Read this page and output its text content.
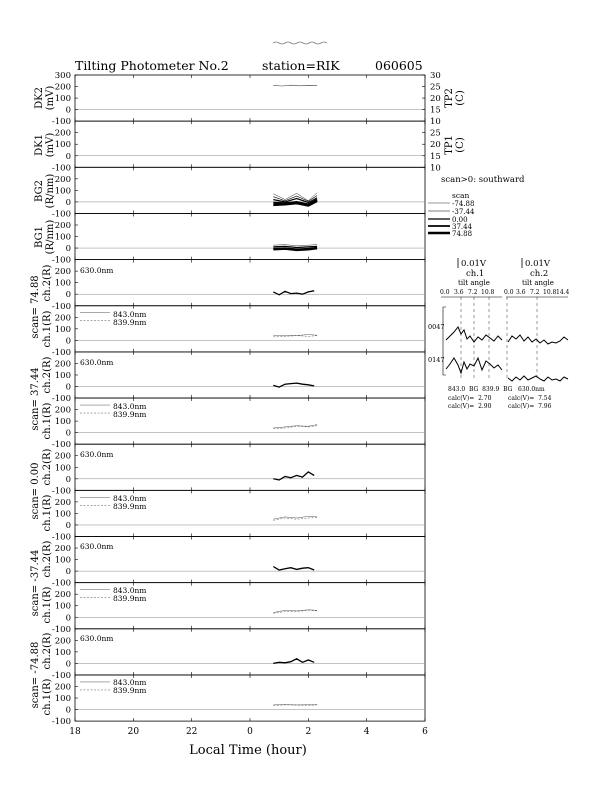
Tilting Photometer No.2	station=RIK	060605
300
200
100
0
-100
30
25
20
15
10
200
100
0
-100
25
20
15
10
200
100
0
-100
200
100
0
-100
200
100
0
-100
200
100
0
-100
200
100
0
-100
200
100
0
-100
200
100
0
-100
200
100
0
-100
200
100
0
-100
200
100
0
-100
200
100
0
-100
200
100
0
-100
18	20	22	0	2	4	6
DK2 (mV)	TP2 (C)
DK1 (mV)	TP1 (C)
BG2 (R/nm)
BG1 (R/nm)
scan= 74.88 ch.2(R)
ch.1(R)
630.0nm
843.0nm
839.9nm
scan= 37.44 ch.2(R)
ch.1(R)
630.0nm
843.0nm
839.9nm
scan= 0.00 ch.2(R)
ch.1(R)
630.0nm
843.0nm
839.9nm
scan= -37.44 ch.2(R)
ch.1(R)
630.0nm
843.0nm
839.9nm
scan= -74.88 ch.2(R)
ch.1(R)
630.0nm
843.0nm
839.9nm
Local Time (hour)
scan>0: southward
scan
-74.88
-37.44
0.00
37.44
74.88
0.01V
ch.1
tilt angle
0.0 3.6 7.2 10.8
0.01V
ch.2
tilt angle
0.0 3.6 7.2 10.8 14.4
0047
0147
843.0  BG  839.9  BG 630.0nm
calc(V)=  2.70
calc(V)=  2.90
calc(V)=  7.54
calc(V)=  7.96
